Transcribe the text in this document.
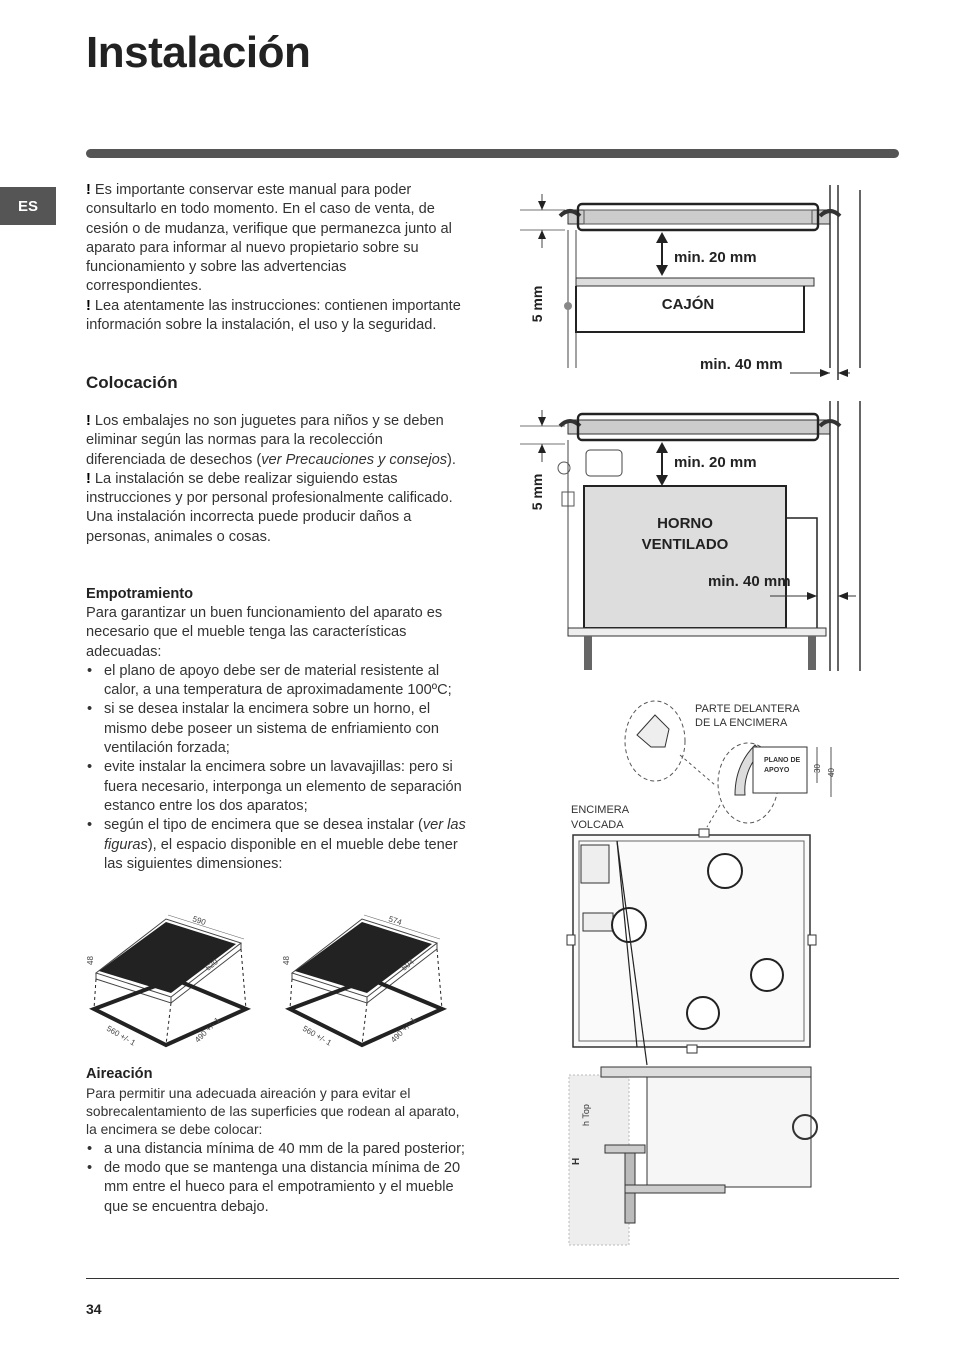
Instalación
ES

! Es importante conservar este manual para poder consultarlo en todo momento. En el caso de venta, de cesión o de mudanza, verifique que permanezca junto al aparato para informar al nuevo propietario sobre su funcionamiento y sobre las advertencias correspondientes.

! Lea atentamente las instrucciones: contienen importante información sobre la instalación, el uso y la seguridad.

Colocación

! Los embalajes no son juguetes para niños y se deben eliminar según las normas para la recolección diferenciada de desechos (ver Precauciones y consejos).

! La instalación se debe realizar siguiendo estas instrucciones y por personal profesionalmente calificado. Una instalación incorrecta puede producir daños a personas, animales o cosas.

Empotramiento

Para garantizar un buen funcionamiento del aparato es necesario que el mueble tenga las características adecuadas:

• el plano de apoyo debe ser de material resistente al calor, a una temperatura de aproximadamente 100ºC;
• si se desea instalar la encimera sobre un horno, el mismo debe poseer un sistema de enfriamiento con ventilación forzada;
• evite instalar la encimera sobre un lavavajillas: pero si fuera necesario, interponga un elemento de separación estanco entre los dos aparatos;
• según el tipo de encimera que se desea instalar (ver las figuras), el espacio disponible en el mueble debe tener las siguientes dimensiones:
590
520
48
560 +/- 1	490 +/- 1
574
504
48
560 +/- 1	490 +/- 1
Aireación

Para permitir una adecuada aireación y para evitar el sobrecalentamiento de las superficies que rodean al aparato, la encimera se debe colocar:

• a una distancia mínima de 40 mm de la pared posterior;
• de modo que se mantenga una distancia mínima de 20 mm entre el hueco para el empotramiento y el mueble que se encuentra debajo.
5 mm
min. 20 mm
CAJÓN
min. 40 mm
5 mm
min. 20 mm
HORNO
VENTILADO
min. 40 mm
PARTE DELANTERA
DE LA ENCIMERA
PLANO DE
APOYO	30 40
ENCIMERA
VOLCADA
h Top
H
34
